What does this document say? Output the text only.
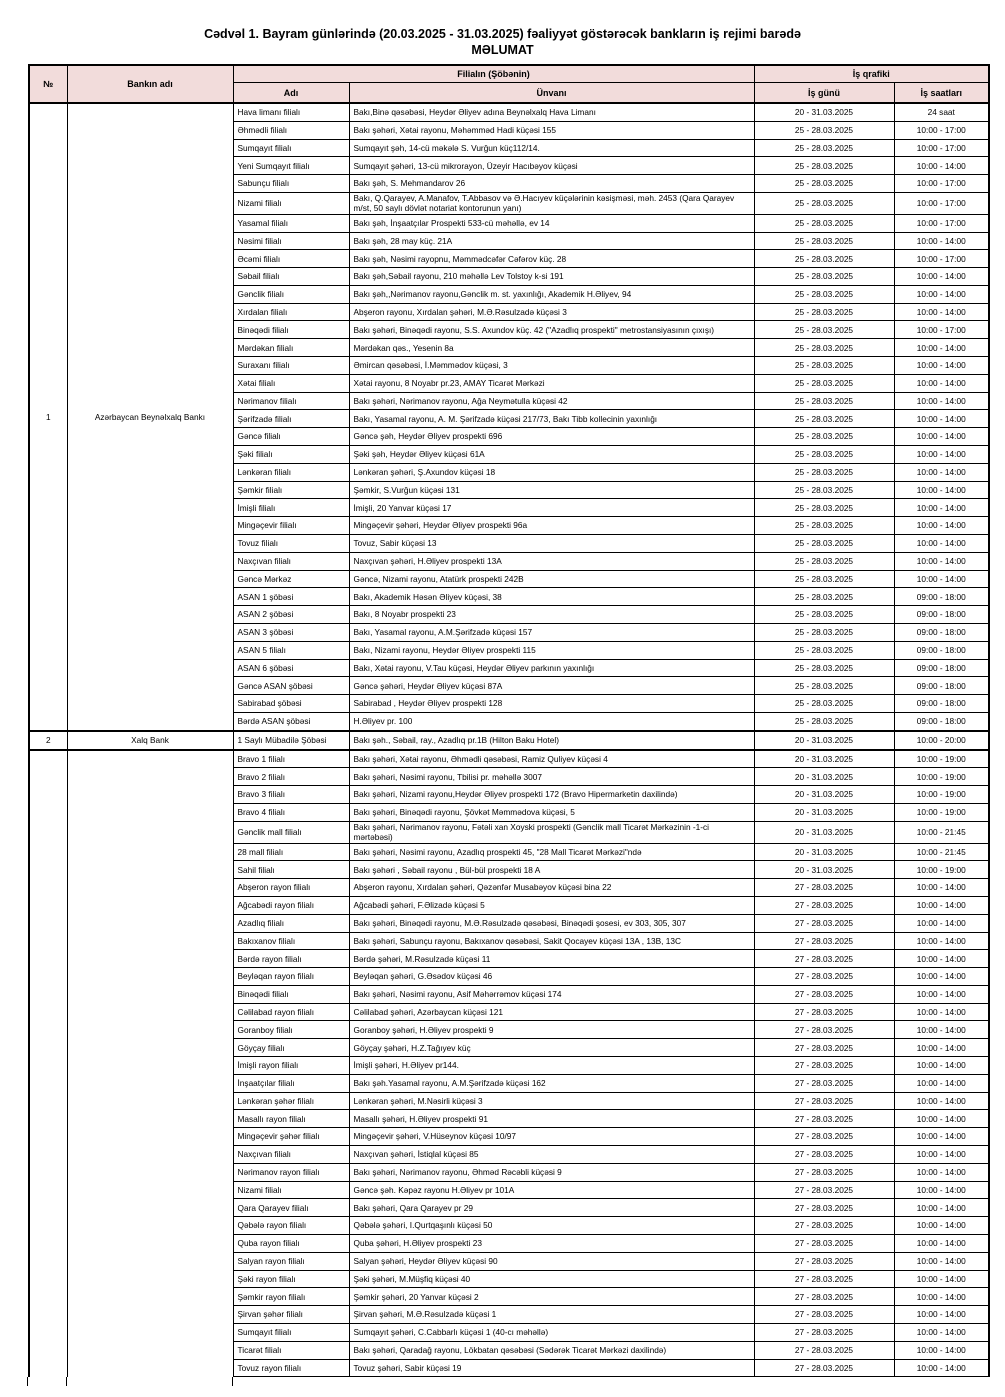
Cədvəl 1. Bayram günlərində (20.03.2025 - 31.03.2025) fəaliyyət göstərəcək bankların iş rejimi barədə
MƏLUMAT
№	Bankın adı	Filialın (Şöbənin)		İş qrafiki	
		Adı	Ünvanı	İş günü	İş saatları
1	Azərbaycan Beynəlxalq Bankı	Hava limanı filialı	Bakı,Binə qəsəbəsi, Heydər Əliyev adına Beynəlxalq Hava Limanı	20 - 31.03.2025	24 saat
		Əhmədli filialı	Bakı şəhəri, Xətai rayonu, Məhəmməd Hadi küçəsi 155	25 - 28.03.2025	10:00 - 17:00
		Sumqayıt filialı	Sumqayıt şəh, 14-cü məkələ S. Vurğun küç112/14.	25 - 28.03.2025	10:00 - 17:00
		Yeni Sumqayıt filialı	Sumqayıt şəhəri, 13-cü mikrorayon, Üzeyir Hacıbəyov küçəsi	25 - 28.03.2025	10:00 - 14:00
		Sabunçu filialı	Bakı şəh, S. Mehmandarov 26	25 - 28.03.2025	10:00 - 17:00
		Nizami filialı	Bakı, Q.Qarayev, A.Manafov, T.Abbasov və Ə.Hacıyev küçələrinin kəsişməsi, məh. 2453 (Qara Qarayev m/st, 50 saylı dövlət notariat kontorunun yanı)	25 - 28.03.2025	10:00 - 17:00
		Yasamal filialı	Bakı şəh, İnşaatçılar Prospekti 533-cü məhəllə, ev 14	25 - 28.03.2025	10:00 - 17:00
		Nəsimi filialı	Bakı şəh, 28 may küç. 21A	25 - 28.03.2025	10:00 - 14:00
		Əcəmi filialı	Bakı şəh, Nəsimi rayopnu, Məmmədcəfər Cəfərov küç. 28	25 - 28.03.2025	10:00 - 17:00
		Səbail filialı	Bakı şəh,Səbail rayonu, 210 məhəllə Lev Tolstoy k-si 191	25 - 28.03.2025	10:00 - 14:00
		Gənclik filialı	Bakı şəh,,Nərimanov rayonu,Gənclik m. st. yaxınlığı, Akademik H.Əliyev, 94	25 - 28.03.2025	10:00 - 14:00
		Xırdalan filialı	Abşeron rayonu, Xırdalan şəhəri, M.Ə.Rəsulzadə küçəsi 3	25 - 28.03.2025	10:00 - 14:00
		Binəqədi filialı	Bakı şəhəri, Binəqədi rayonu, S.S. Axundov küç. 42 ("Azadlıq prospekti" metrostansiyasının çıxışı)	25 - 28.03.2025	10:00 - 17:00
		Mərdəkan filialı	Mərdəkan qəs., Yesenin 8a	25 - 28.03.2025	10:00 - 14:00
		Suraxanı filialı	Əmircan qəsəbəsi, İ.Məmmədov küçəsi, 3	25 - 28.03.2025	10:00 - 14:00
		Xətai filialı	Xətai rayonu, 8 Noyabr pr.23, AMAY Ticarət Mərkəzi	25 - 28.03.2025	10:00 - 14:00
		Nərimanov filialı	Bakı şəhəri, Nərimanov rayonu, Ağa Neymətulla küçəsi 42	25 - 28.03.2025	10:00 - 14:00
		Şərifzadə filialı	Bakı, Yasamal rayonu, A. M. Şərifzadə küçəsi 217/73, Bakı Tibb kollecinin yaxınlığı	25 - 28.03.2025	10:00 - 14:00
		Gəncə filialı	Gəncə şəh, Heydər Əliyev prospekti 696	25 - 28.03.2025	10:00 - 14:00
		Şəki filialı	Şəki şəh, Heydər Əliyev küçəsi 61A	25 - 28.03.2025	10:00 - 14:00
		Lənkəran filialı	Lənkəran şəhəri, Ş.Axundov küçəsi 18	25 - 28.03.2025	10:00 - 14:00
		Şəmkir filialı	Şəmkir, S.Vurğun küçəsi 131	25 - 28.03.2025	10:00 - 14:00
		İmişli filialı	İmişli, 20 Yanvar küçəsi 17	25 - 28.03.2025	10:00 - 14:00
		Mingəçevir filialı	Mingəçevir şəhəri, Heydər Əliyev prospekti 96a	25 - 28.03.2025	10:00 - 14:00
		Tovuz filialı	Tovuz, Sabir küçəsi 13	25 - 28.03.2025	10:00 - 14:00
		Naxçıvan filialı	Naxçıvan şəhəri, H.Əliyev prospekti 13A	25 - 28.03.2025	10:00 - 14:00
		Gəncə Mərkəz	Gəncə, Nizami rayonu, Atatürk prospekti 242B	25 - 28.03.2025	10:00 - 14:00
		ASAN 1 şöbəsi	Bakı, Akademik Həsən Əliyev küçəsi, 38	25 - 28.03.2025	09:00 - 18:00
		ASAN 2 şöbəsi	Bakı, 8 Noyabr prospekti 23	25 - 28.03.2025	09:00 - 18:00
		ASAN 3 şöbəsi	Bakı, Yasamal rayonu, A.M.Şərifzadə küçəsi 157	25 - 28.03.2025	09:00 - 18:00
		ASAN 5 filialı	Bakı, Nizami rayonu, Heydər Əliyev prospekti 115	25 - 28.03.2025	09:00 - 18:00
		ASAN 6 şöbəsi	Bakı, Xətai rayonu, V.Tau küçəsi, Heydər Əliyev parkının yaxınlığı	25 - 28.03.2025	09:00 - 18:00
		Gəncə ASAN şöbəsi	Gəncə şəhəri, Heydər Əliyev küçəsi 87A	25 - 28.03.2025	09:00 - 18:00
		Sabirabad şöbəsi	Sabirabad , Heydər Əliyev prospekti 128	25 - 28.03.2025	09:00 - 18:00
		Bərdə ASAN şöbəsi	H.Əliyev pr. 100	25 - 28.03.2025	09:00 - 18:00
2	Xalq Bank	1 Saylı Mübadilə Şöbəsi	Bakı şəh., Səbail, ray., Azadlıq pr.1B (Hilton Baku Hotel)	20 - 31.03.2025	10:00 - 20:00
		Bravo 1 filialı	Bakı şəhəri, Xətai rayonu, Əhmədli qəsəbəsi, Ramiz Quliyev küçəsi 4	20 - 31.03.2025	10:00 - 19:00
		Bravo 2 filialı	Bakı şəhəri, Nəsimi rayonu, Tbilisi pr. məhəllə 3007	20 - 31.03.2025	10:00 - 19:00
		Bravo 3 filialı	Bakı şəhəri, Nizami rayonu,Heydər Əliyev prospekti 172 (Bravo Hipermarketin daxilində)	20 - 31.03.2025	10:00 - 19:00
		Bravo 4 filialı	Bakı şəhəri, Binəqədi rayonu, Şövkət Məmmədova küçəsi, 5	20 - 31.03.2025	10:00 - 19:00
		Gənclik mall filialı	Bakı şəhəri, Nərimanov rayonu, Fətəli xan Xoyski prospekti (Gənclik mall Ticarət Mərkəzinin -1-ci mərtəbəsi)	20 - 31.03.2025	10:00 - 21:45
		28 mall filialı	Bakı şəhəri, Nəsimi rayonu, Azadlıq prospekti 45, "28 Mall Ticarət Mərkəzi"ndə	20 - 31.03.2025	10:00 - 21:45
		Sahil filialı	Bakı şəhəri , Səbail rayonu , Bül-bül prospekti 18 A	20 - 31.03.2025	10:00 - 19:00
		Abşeron rayon filialı	Abşeron rayonu, Xırdalan şəhəri, Qəzənfər Musabəyov küçəsi bina 22	27 - 28.03.2025	10:00 - 14:00
		Ağcabədi rayon filialı	Ağcabədi şəhəri, F.Əlizadə küçəsi 5	27 - 28.03.2025	10:00 - 14:00
		Azadlıq filialı	Bakı şəhəri, Binəqədi rayonu, M.Ə.Rəsulzadə qəsəbəsi, Binəqədi şosesi, ev 303, 305, 307	27 - 28.03.2025	10:00 - 14:00
		Bakıxanov filialı	Bakı şəhəri, Sabunçu rayonu, Bakıxanov qəsəbəsi, Sakit Qocayev küçəsi 13A , 13B, 13C	27 - 28.03.2025	10:00 - 14:00
		Bərdə rayon filialı	Bərdə şəhəri, M.Rəsulzadə küçəsi 11	27 - 28.03.2025	10:00 - 14:00
		Beyləqan rayon filialı	Beyləqan şəhəri, G.Əsədov küçəsi 46	27 - 28.03.2025	10:00 - 14:00
		Binəqədi filialı	Bakı şəhəri, Nəsimi rayonu, Asif Məhərrəmov küçəsi 174	27 - 28.03.2025	10:00 - 14:00
		Cəlilabad rayon filialı	Cəlilabad şəhəri, Azərbaycan küçəsi 121	27 - 28.03.2025	10:00 - 14:00
		Goranboy filialı	Goranboy şəhəri, H.Əliyev prospekti 9	27 - 28.03.2025	10:00 - 14:00
		Göyçay filialı	Göyçay şəhəri, H.Z.Tağıyev küç	27 - 28.03.2025	10:00 - 14:00
		İmişli rayon filialı	İmişli şəhəri, H.Əliyev pr144.	27 - 28.03.2025	10:00 - 14:00
		İnşaatçılar filialı	Bakı şəh.Yasamal rayonu, A.M.Şərifzadə küçəsi 162	27 - 28.03.2025	10:00 - 14:00
		Lənkəran şəhər filialı	Lənkəran şəhəri, M.Nəsirli küçəsi 3	27 - 28.03.2025	10:00 - 14:00
		Masallı rayon filialı	Masallı şəhəri, H.Əliyev prospekti 91	27 - 28.03.2025	10:00 - 14:00
		Mingəçevir şəhər filialı	Mingəçevir şəhəri, V.Hüseynov küçəsi 10/97	27 - 28.03.2025	10:00 - 14:00
		Naxçıvan filialı	Naxçıvan şəhəri, İstiqlal küçəsi 85	27 - 28.03.2025	10:00 - 14:00
		Nərimanov rayon filialı	Bakı şəhəri, Nərimanov rayonu, Əhməd Rəcəbli küçəsi 9	27 - 28.03.2025	10:00 - 14:00
		Nizami filialı	Gəncə şəh. Kəpəz rayonu H.Əliyev pr 101A	27 - 28.03.2025	10:00 - 14:00
		Qara Qarayev filialı	Bakı şəhəri, Qara Qarayev pr 29	27 - 28.03.2025	10:00 - 14:00
		Qəbələ rayon filialı	Qəbələ şəhəri, I.Qurtqaşınlı küçəsi 50	27 - 28.03.2025	10:00 - 14:00
		Quba rayon filialı	Quba şəhəri, H.Əliyev prospekti 23	27 - 28.03.2025	10:00 - 14:00
		Salyan rayon filialı	Salyan şəhəri, Heydər Əliyev küçəsi 90	27 - 28.03.2025	10:00 - 14:00
		Şəki rayon filialı	Şəki şəhəri, M.Müşfiq küçəsi 40	27 - 28.03.2025	10:00 - 14:00
		Şəmkir rayon filialı	Şəmkir şəhəri, 20 Yanvar küçəsi 2	27 - 28.03.2025	10:00 - 14:00
		Şirvan şəhər filialı	Şirvan şəhəri, M.Ə.Rəsulzadə küçəsi 1	27 - 28.03.2025	10:00 - 14:00
		Sumqayıt filialı	Sumqayıt şəhəri, C.Cabbarlı küçəsi 1 (40-cı məhəllə)	27 - 28.03.2025	10:00 - 14:00
		Ticarət filialı	Bakı şəhəri, Qaradağ rayonu, Lökbatan qəsəbəsi (Sədərək Ticarət Mərkəzi daxilində)	27 - 28.03.2025	10:00 - 14:00
		Tovuz rayon filialı	Tovuz şəhəri, Sabir küçəsi 19	27 - 28.03.2025	10:00 - 14:00
